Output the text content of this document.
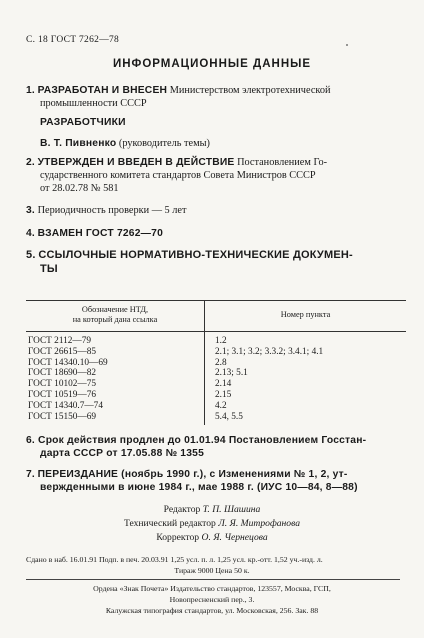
С. 18 ГОСТ 7262—78
ИНФОРМАЦИОННЫЕ ДАННЫЕ
1. РАЗРАБОТАН И ВНЕСЕН Министерством электротехнической
промышленности СССР
РАЗРАБОТЧИКИ
В. Т. Пивненко (руководитель темы)
2. УТВЕРЖДЕН И ВВЕДЕН В ДЕЙСТВИЕ Постановлением Го-
сударственного комитета стандартов Совета Министров СССР
от 28.02.78 № 581
3. Периодичность проверки — 5 лет
4. ВЗАМЕН ГОСТ 7262—70
5. ССЫЛОЧНЫЕ НОРМАТИВНО-ТЕХНИЧЕСКИЕ ДОКУМЕН-
ТЫ
Обозначение НТД,
на который дана ссылка	Номер пункта
ГОСТ 2112—79	1.2
ГОСТ 26615—85	2.1; 3.1; 3.2; 3.3.2; 3.4.1; 4.1
ГОСТ 14340.10—69	2.8
ГОСТ 18690—82	2.13; 5.1
ГОСТ 10102—75	2.14
ГОСТ 10519—76	2.15
ГОСТ 14340.7—74	4.2
ГОСТ 15150—69	5.4, 5.5
6. Срок действия продлен до 01.01.94 Постановлением Госстан-
дарта СССР от 17.05.88 № 1355
7. ПЕРЕИЗДАНИЕ (ноябрь 1990 г.), с Изменениями № 1, 2, ут-
вержденными в июне 1984 г., мае 1988 г. (ИУС 10—84, 8—88)
Редактор Т. П. Шашина
Технический редактор Л. Я. Митрофанова
Корректор О. Я. Чернецова
Сдано в наб. 16.01.91 Подп. в печ. 20.03.91 1,25 усл. п. л. 1,25 усл. кр.-отт. 1,52 уч.-изд. л.
Тираж 9000 Цена 50 к.
Ордена «Знак Почета» Издательство стандартов, 123557, Москва, ГСП,
Новопресненский пер., 3.
Калужская типография стандартов, ул. Московская, 256. Зак. 88
